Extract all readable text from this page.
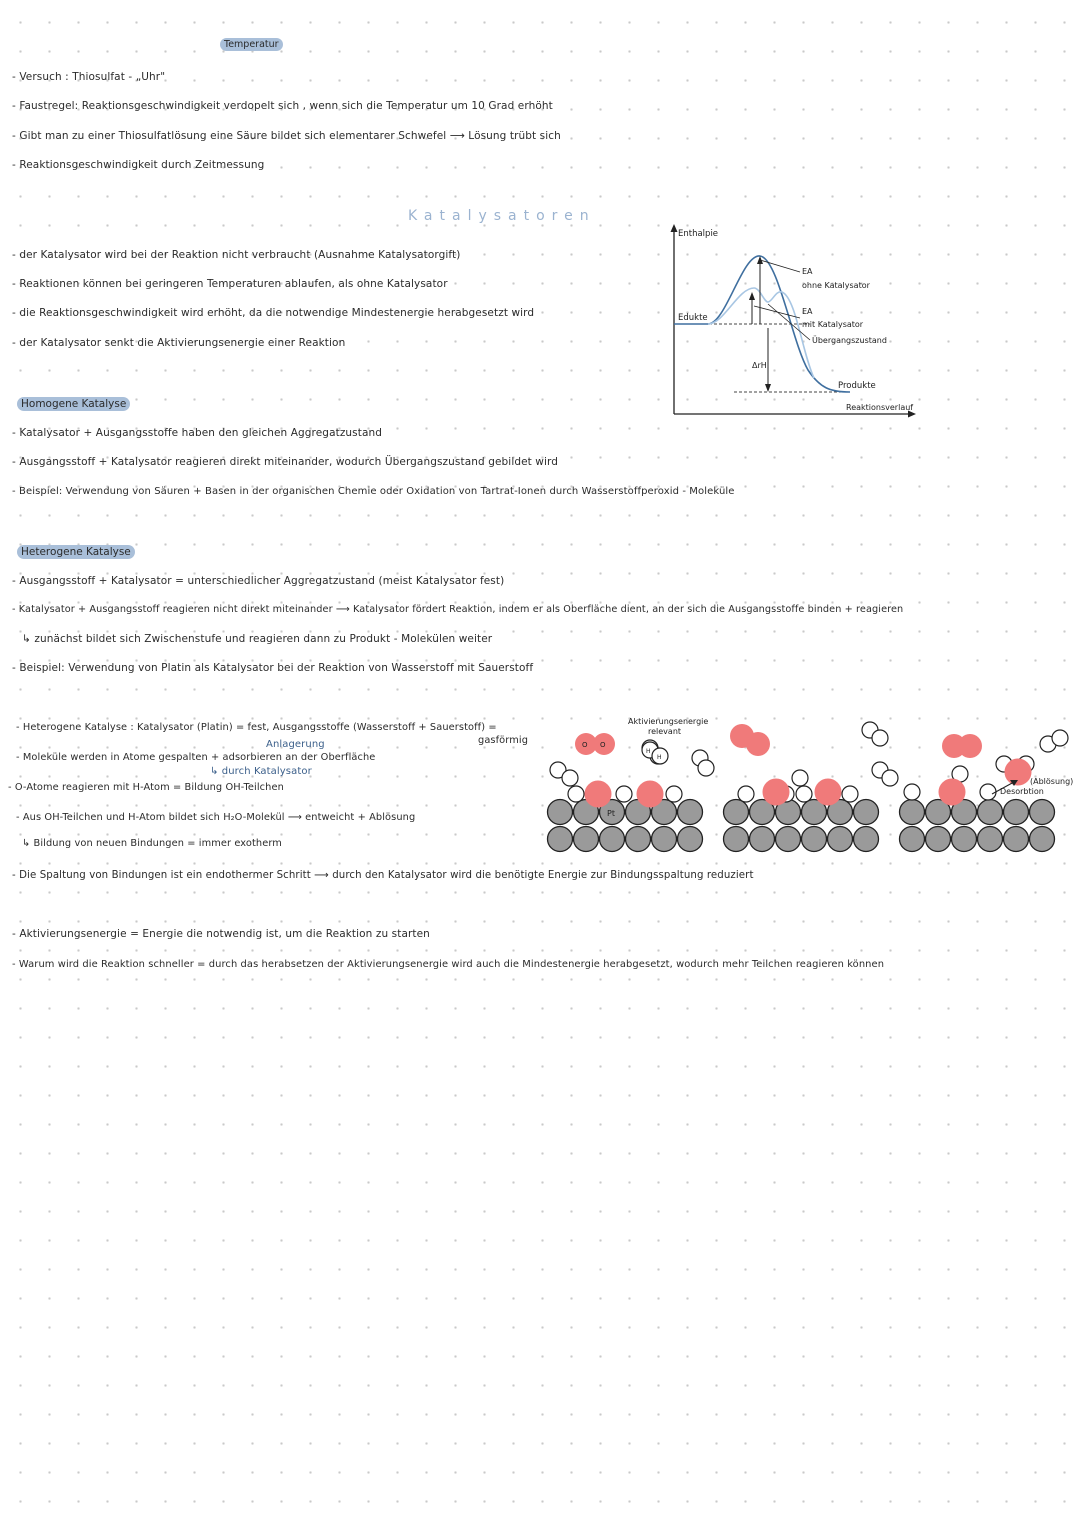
Temperatur
- Versuch : Thiosulfat - „Uhr"
- Faustregel: Reaktionsgeschwindigkeit verdopelt sich , wenn sich die Temperatur um 10 Grad erhöht
- Gibt man zu einer Thiosulfatlösung eine Säure bildet sich elementarer Schwefel ⟶ Lösung trübt sich
- Reaktionsgeschwindigkeit durch Zeitmessung
Katalysatoren
- der Katalysator wird bei der Reaktion nicht verbraucht (Ausnahme Katalysatorgift)
- Reaktionen können bei geringeren Temperaturen ablaufen, als ohne Katalysator
- die Reaktionsgeschwindigkeit wird erhöht, da die notwendige Mindestenergie herabgesetzt wird
- der Katalysator senkt die Aktivierungsenergie einer Reaktion
Enthalpie
Reaktionsverlauf
Edukte
Produkte
EA
ohne Katalysator
EA
mit Katalysator
Übergangszustand
ΔrH
Homogene Katalyse
- Katalysator + Ausgangsstoffe haben den gleichen Aggregatzustand
- Ausgangsstoff + Katalysator reagieren direkt miteinander, wodurch Übergangszustand gebildet wird
- Beispiel: Verwendung von Säuren + Basen in der organischen Chemie oder Oxidation von Tartrat-Ionen durch Wasserstoffperoxid - Moleküle
Heterogene Katalyse
- Ausgangsstoff + Katalysator = unterschiedlicher Aggregatzustand (meist Katalysator fest)
- Katalysator + Ausgangsstoff reagieren nicht direkt miteinander ⟶ Katalysator fördert Reaktion, indem er als Oberfläche dient, an der sich die Ausgangsstoffe binden + reagieren
↳ zunächst bildet sich Zwischenstufe und reagieren dann zu Produkt - Molekülen weiter
- Beispiel: Verwendung von Platin als Katalysator bei der Reaktion von Wasserstoff mit Sauerstoff
- Heterogene Katalyse : Katalysator (Platin) = fest, Ausgangsstoffe (Wasserstoff + Sauerstoff) =
gasförmig
Anlagerung
- Moleküle werden in Atome gespalten + adsorbieren an der Oberfläche
↳ durch Katalysator
- O-Atome reagieren mit H-Atom = Bildung OH-Teilchen
- Aus OH-Teilchen und H-Atom bildet sich H₂O-Molekül ⟶ entweicht + Ablösung
↳ Bildung von neuen Bindungen = immer exotherm
Pt
O O
H
H
Aktivierungsenergie
relevant
(Ablösung)
Desorbtion
- Die Spaltung von Bindungen ist ein endothermer Schritt ⟶ durch den Katalysator wird die benötigte Energie zur Bindungsspaltung reduziert
- Aktivierungsenergie = Energie die notwendig ist, um die Reaktion zu starten
- Warum wird die Reaktion schneller = durch das herabsetzen der Aktivierungsenergie wird auch die Mindestenergie herabgesetzt, wodurch mehr Teilchen reagieren können
